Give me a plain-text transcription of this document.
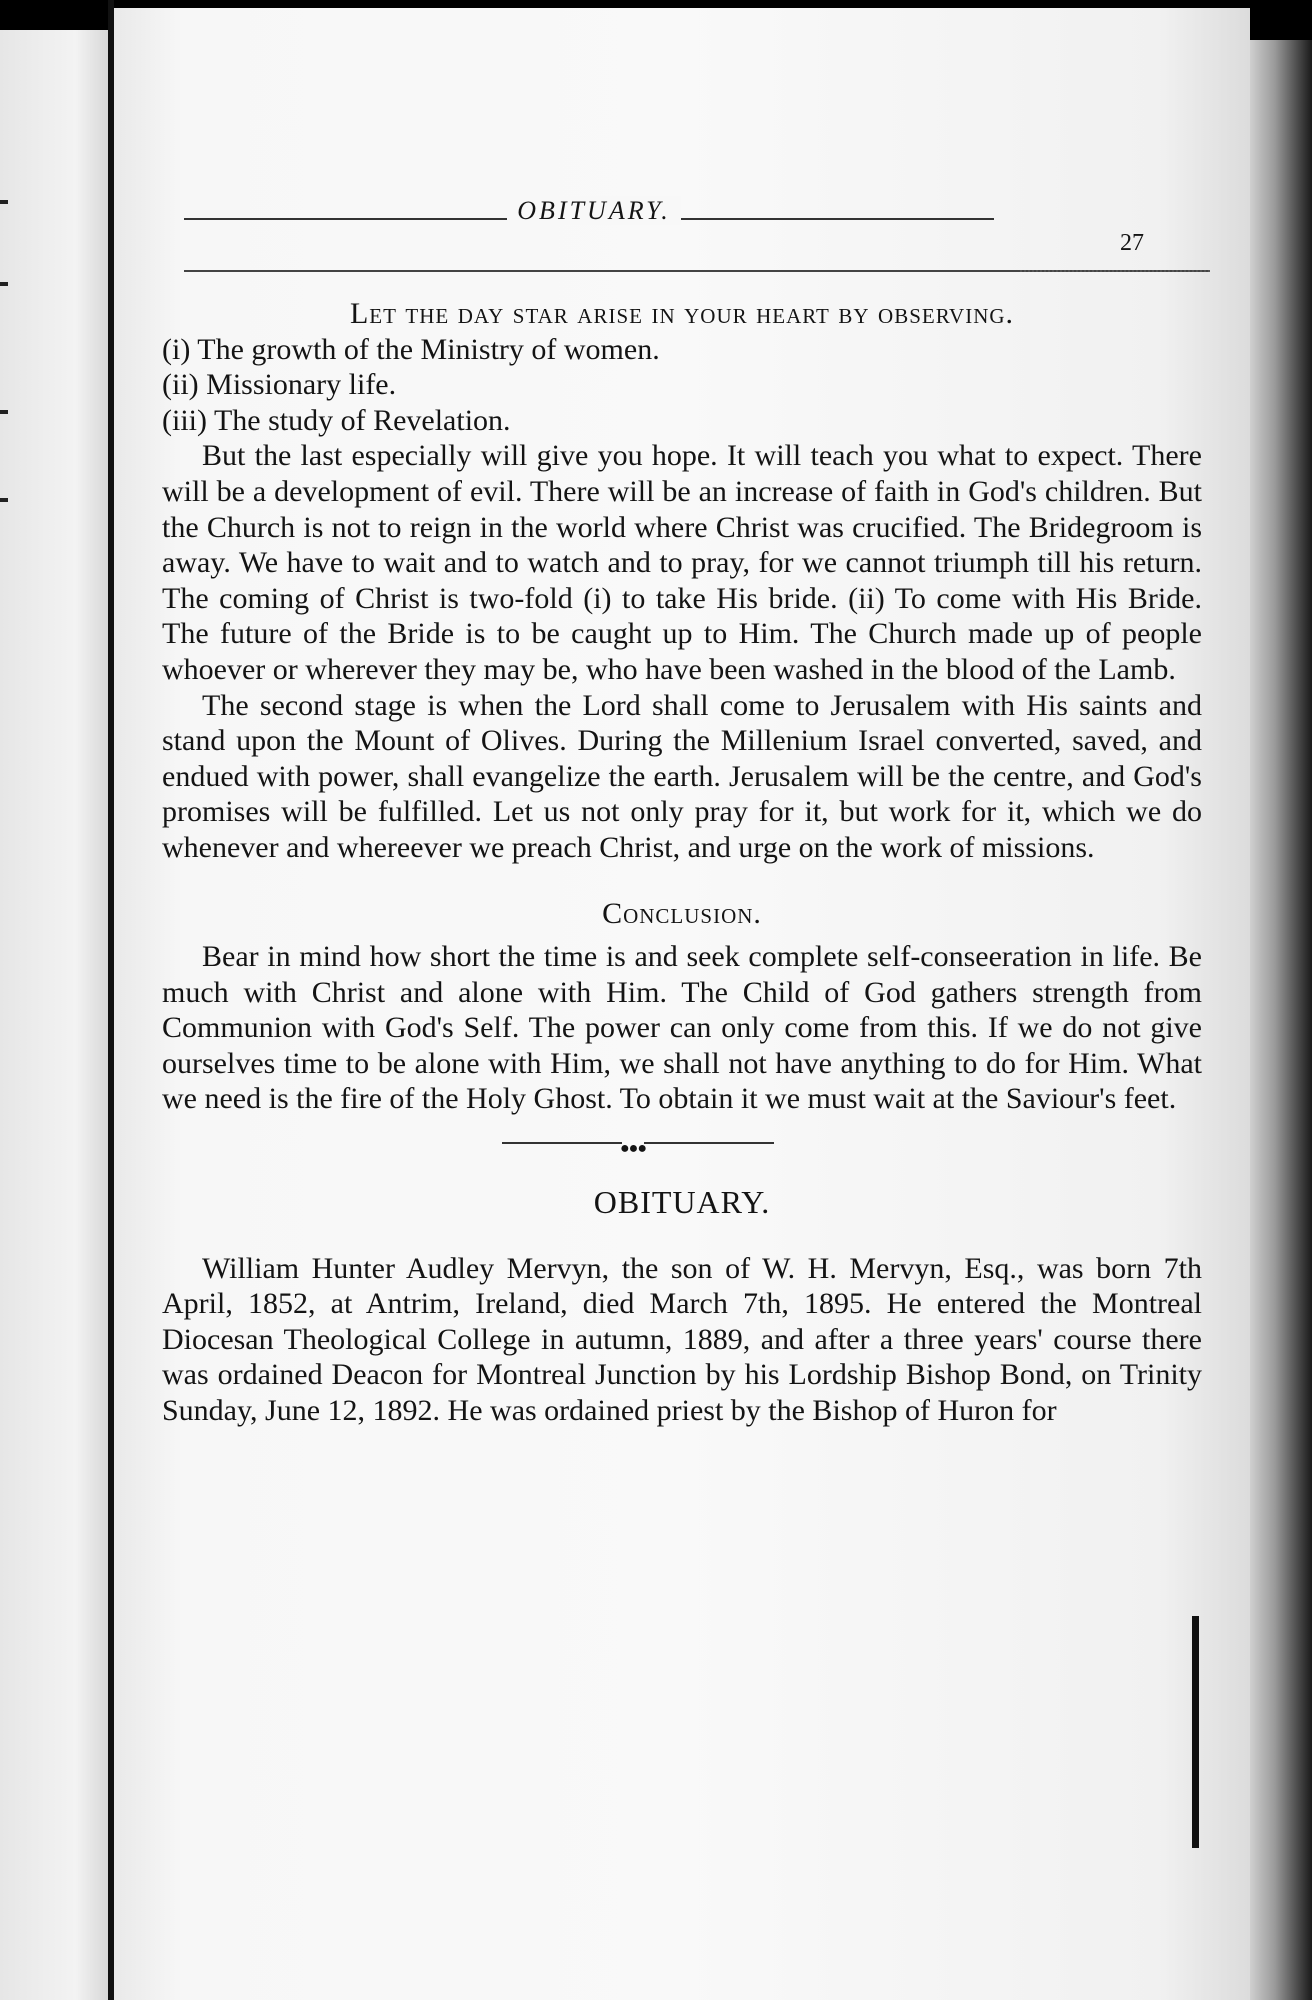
OBITUARY.
27

Let the day star arise in your heart by observing.

(i) The growth of the Ministry of women.

(ii) Missionary life.

(iii) The study of Revelation.

But the last especially will give you hope. It will teach you what to expect. There will be a development of evil. There will be an increase of faith in God's children. But the Church is not to reign in the world where Christ was crucified. The Bridegroom is away. We have to wait and to watch and to pray, for we cannot triumph till his return. The coming of Christ is two-fold (i) to take His bride. (ii) To come with His Bride. The future of the Bride is to be caught up to Him. The Church made up of people whoever or wherever they may be, who have been washed in the blood of the Lamb.

The second stage is when the Lord shall come to Jerusalem with His saints and stand upon the Mount of Olives. During the Millenium Israel converted, saved, and endued with power, shall evangelize the earth. Jerusalem will be the centre, and God's promises will be fulfilled. Let us not only pray for it, but work for it, which we do whenever and whereever we preach Christ, and urge on the work of missions.

Conclusion.

Bear in mind how short the time is and seek complete self-conseeration in life. Be much with Christ and alone with Him. The Child of God gathers strength from Communion with God's Self. The power can only come from this. If we do not give ourselves time to be alone with Him, we shall not have anything to do for Him. What we need is the fire of the Holy Ghost. To obtain it we must wait at the Saviour's feet.

●●●

OBITUARY.

William Hunter Audley Mervyn, the son of W. H. Mervyn, Esq., was born 7th April, 1852, at Antrim, Ireland, died March 7th, 1895. He entered the Montreal Diocesan Theological College in autumn, 1889, and after a three years' course there was ordained Deacon for Montreal Junction by his Lordship Bishop Bond, on Trinity Sunday, June 12, 1892. He was ordained priest by the Bishop of Huron for
